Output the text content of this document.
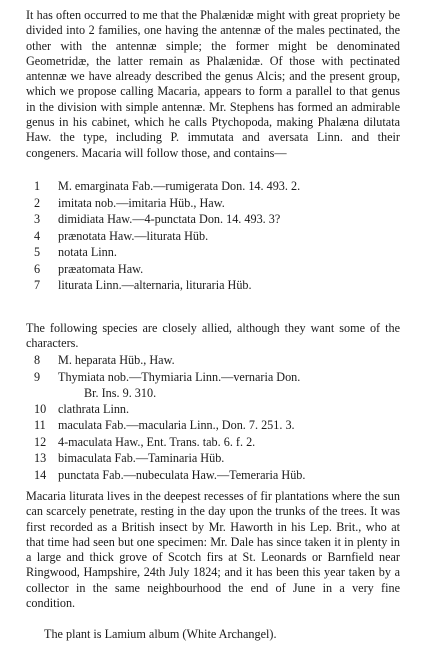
It has often occurred to me that the Phalænidæ might with great propriety be divided into 2 families, one having the antennæ of the males pectinated, the other with the antennæ simple; the former might be denominated Geometridæ, the latter remain as Phalænidæ. Of those with pectinated antennæ we have already described the genus Alcis; and the present group, which we propose calling Macaria, appears to form a parallel to that genus in the division with simple antennæ. Mr. Stephens has formed an admirable genus in his cabinet, which he calls Ptychopoda, making Phalæna dilutata Haw. the type, including P. immutata and aversata Linn. and their congeners. Macaria will follow those, and contains—
1	M. emarginata Fab.—rumigerata Don. 14. 493. 2.
2	imitata nob.—imitaria Hüb., Haw.
3	dimidiata Haw.—4-punctata Don. 14. 493. 3?
4	prænotata Haw.—liturata Hüb.
5	notata Linn.
6	præatomata Haw.
7	liturata Linn.—alternaria, lituraria Hüb.
The following species are closely allied, although they want some of the characters.
8	M. heparata Hüb., Haw.
9	Thymiata nob.—Thymiaria Linn.—vernaria Don.
Br. Ins. 9. 310.
10 clathrata Linn.
11	maculata Fab.—macularia Linn., Don. 7. 251. 3.
12 4-maculata Haw., Ent. Trans. tab. 6. f. 2.
13 bimaculata Fab.—Taminaria Hüb.
14 punctata Fab.—nubeculata Haw.—Temeraria Hüb.
Macaria liturata lives in the deepest recesses of fir plantations where the sun can scarcely penetrate, resting in the day upon the trunks of the trees. It was first recorded as a British insect by Mr. Haworth in his Lep. Brit., who at that time had seen but one specimen: Mr. Dale has since taken it in plenty in a large and thick grove of Scotch firs at St. Leonards or Barnfield near Ringwood, Hampshire, 24th July 1824; and it has been this year taken by a collector in the same neighbourhood the end of June in a very fine condition.
The plant is Lamium album (White Archangel).
